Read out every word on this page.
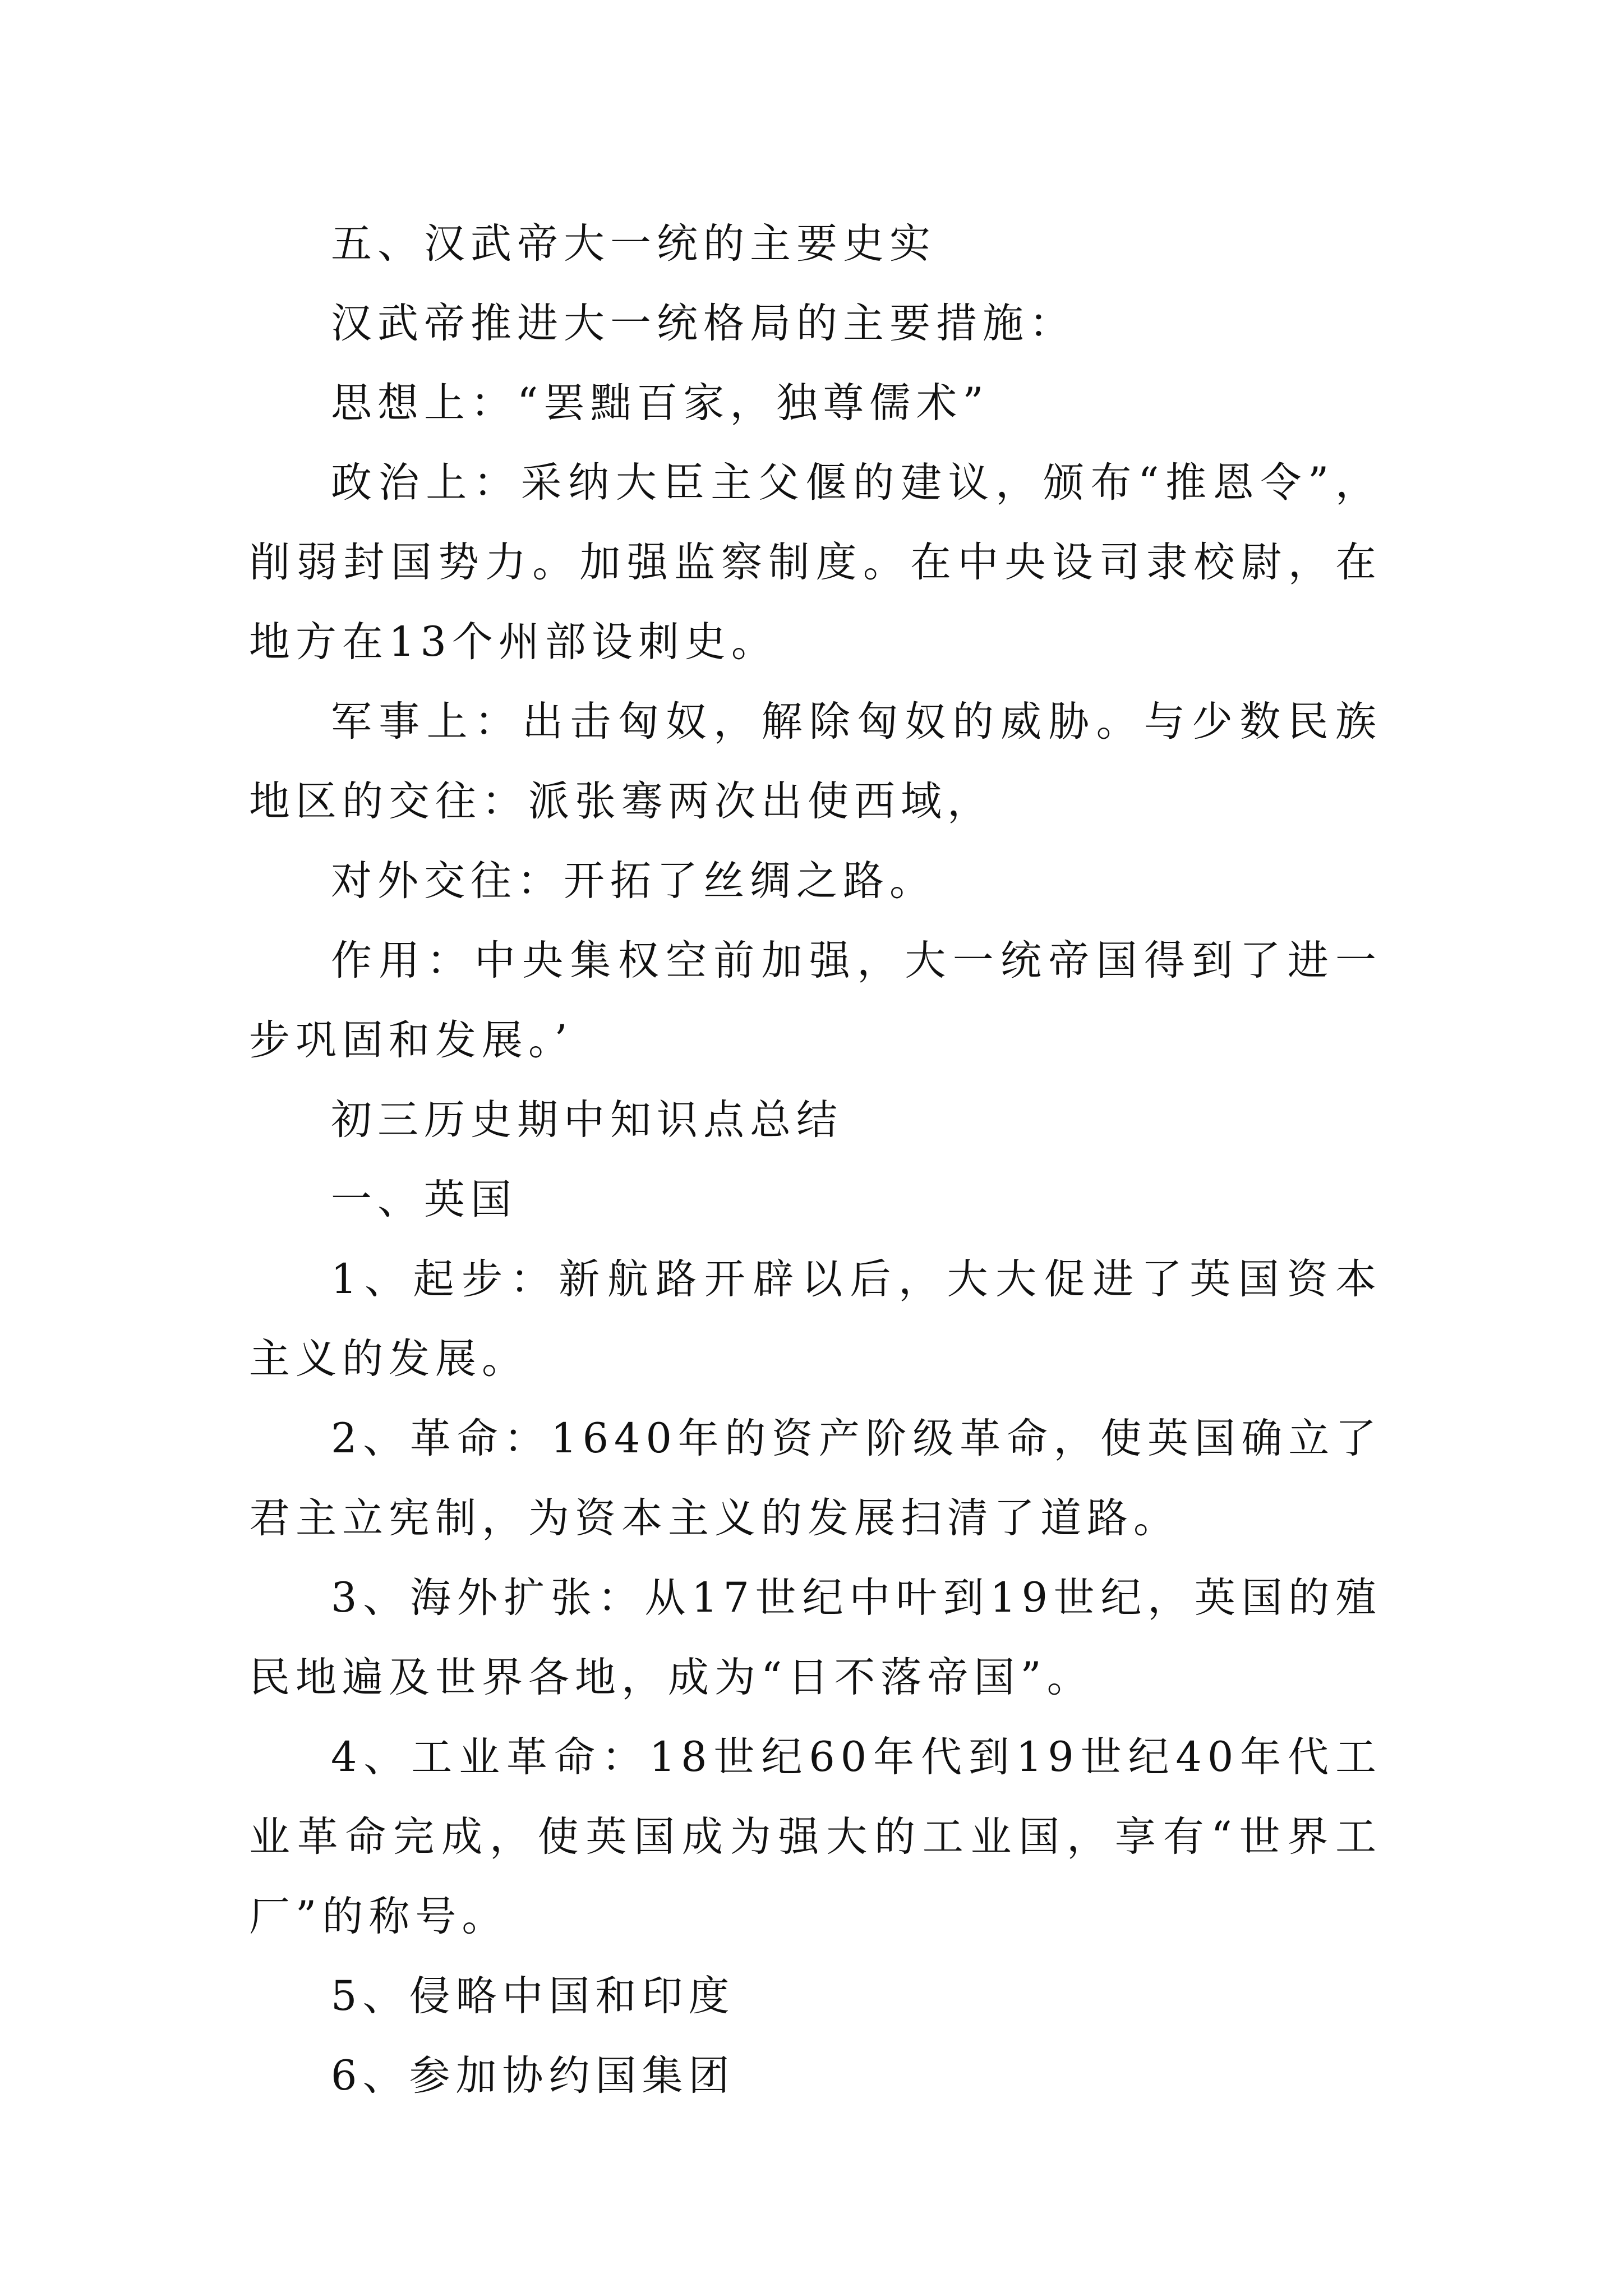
五、汉武帝大一统的主要史实

汉武帝推进大一统格局的主要措施：

思想上：“罢黜百家，独尊儒术”

政治上：采纳大臣主父偃的建议，颁布“推恩令”，削弱封国势力。加强监察制度。在中央设司隶校尉，在地方在13个州部设刺史。

军事上：出击匈奴，解除匈奴的威胁。与少数民族地区的交往：派张骞两次出使西域，

对外交往：开拓了丝绸之路。

作用：中央集权空前加强，大一统帝国得到了进一步巩固和发展。’

初三历史期中知识点总结

一、英国

1、起步：新航路开辟以后，大大促进了英国资本主义的发展。

2、革命：1640年的资产阶级革命，使英国确立了君主立宪制，为资本主义的发展扫清了道路。

3、海外扩张：从17世纪中叶到19世纪，英国的殖民地遍及世界各地，成为“日不落帝国”。

4、工业革命：18世纪60年代到19世纪40年代工业革命完成，使英国成为强大的工业国，享有“世界工厂”的称号。

5、侵略中国和印度

6、参加协约国集团
